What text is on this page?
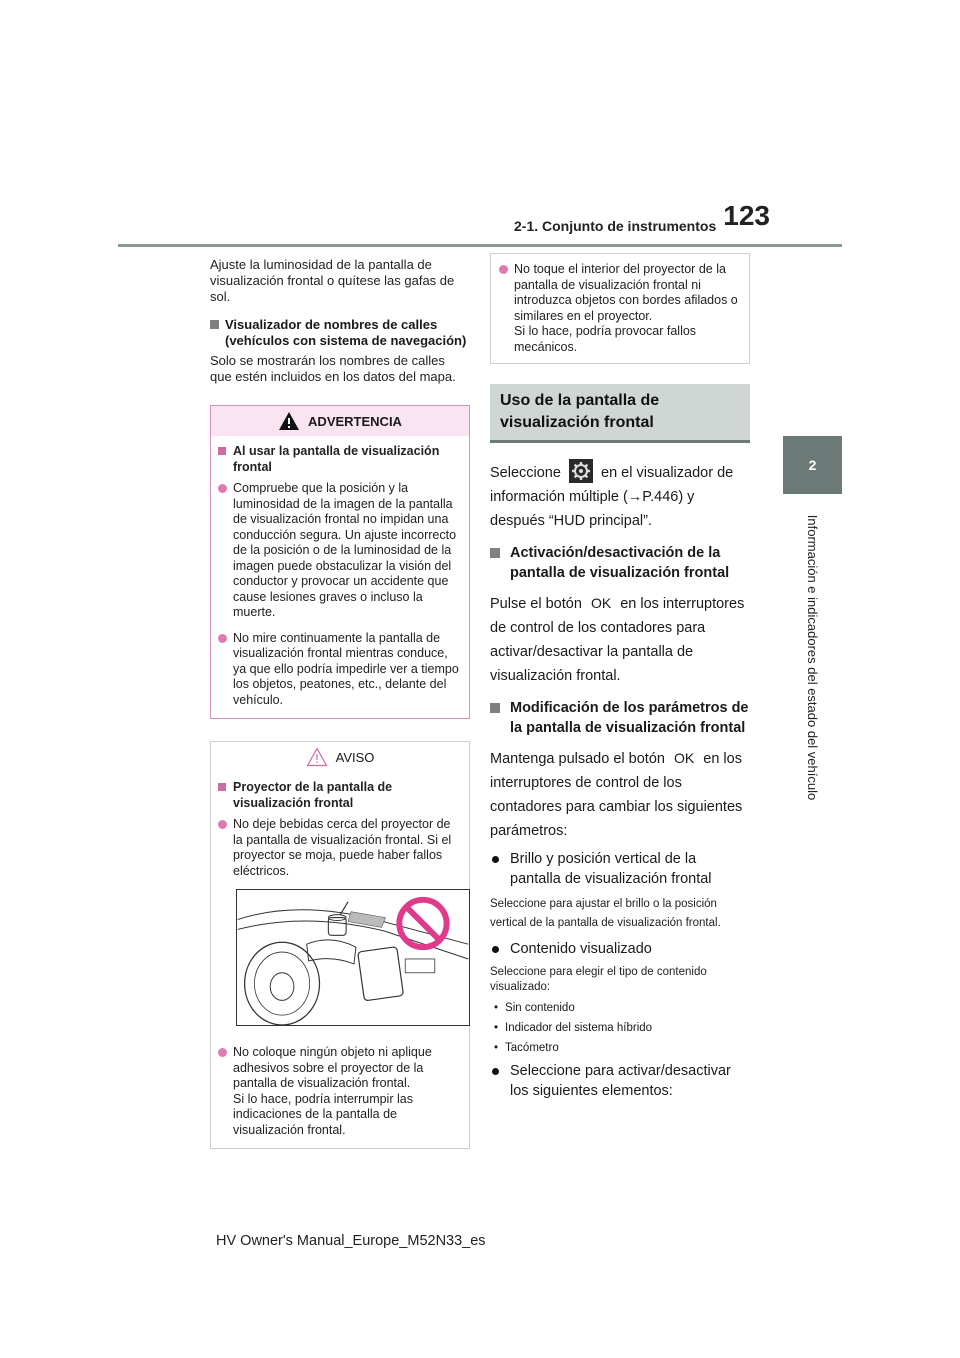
123
2-1. Conjunto de instrumentos
2
Información e indicadores del estado del vehículo

Ajuste la luminosidad de la pantalla de visualización frontal o quítese las gafas de sol.

Visualizador de nombres de calles (vehículos con sistema de navegación)

Solo se mostrarán los nombres de calles que estén incluidos en los datos del mapa.

ADVERTENCIA
Al usar la pantalla de visualización frontal
Compruebe que la posición y la luminosidad de la imagen de la pantalla de visualización frontal no impidan una conducción segura. Un ajuste incorrecto de la posición o de la luminosidad de la imagen puede obstaculizar la visión del conductor y provocar un accidente que cause lesiones graves o incluso la muerte.
No mire continuamente la pantalla de visualización frontal mientras conduce, ya que ello podría impedirle ver a tiempo los objetos, peatones, etc., delante del vehículo.
AVISO
Proyector de la pantalla de visualización frontal
No deje bebidas cerca del proyector de la pantalla de visualización frontal. Si el proyector se moja, puede haber fallos eléctricos.
No coloque ningún objeto ni aplique adhesivos sobre el proyector de la pantalla de visualización frontal.
Si lo hace, podría interrumpir las indicaciones de la pantalla de visualización frontal.
No toque el interior del proyector de la pantalla de visualización frontal ni introduzca objetos con bordes afilados o similares en el proyector.
Si lo hace, podría provocar fallos mecánicos.
Uso de la pantalla de visualización frontal

Seleccione	en el visualizador de información múltiple (→P.446) y después “HUD principal”.

Activación/desactivación de la pantalla de visualización frontal

Pulse el botón OK en los interruptores de control de los contadores para activar/desactivar la pantalla de visualización frontal.

Modificación de los parámetros de la pantalla de visualización frontal

Mantenga pulsado el botón OK en los interruptores de control de los contadores para cambiar los siguientes parámetros:

Brillo y posición vertical de la pantalla de visualización frontal

Seleccione para ajustar el brillo o la posición vertical de la pantalla de visualización frontal.

Contenido visualizado

Seleccione para elegir el tipo de contenido visualizado:

• Sin contenido
• Indicador del sistema híbrido
• Tacómetro
Seleccione para activar/desactivar los siguientes elementos:
HV Owner's Manual_Europe_M52N33_es
